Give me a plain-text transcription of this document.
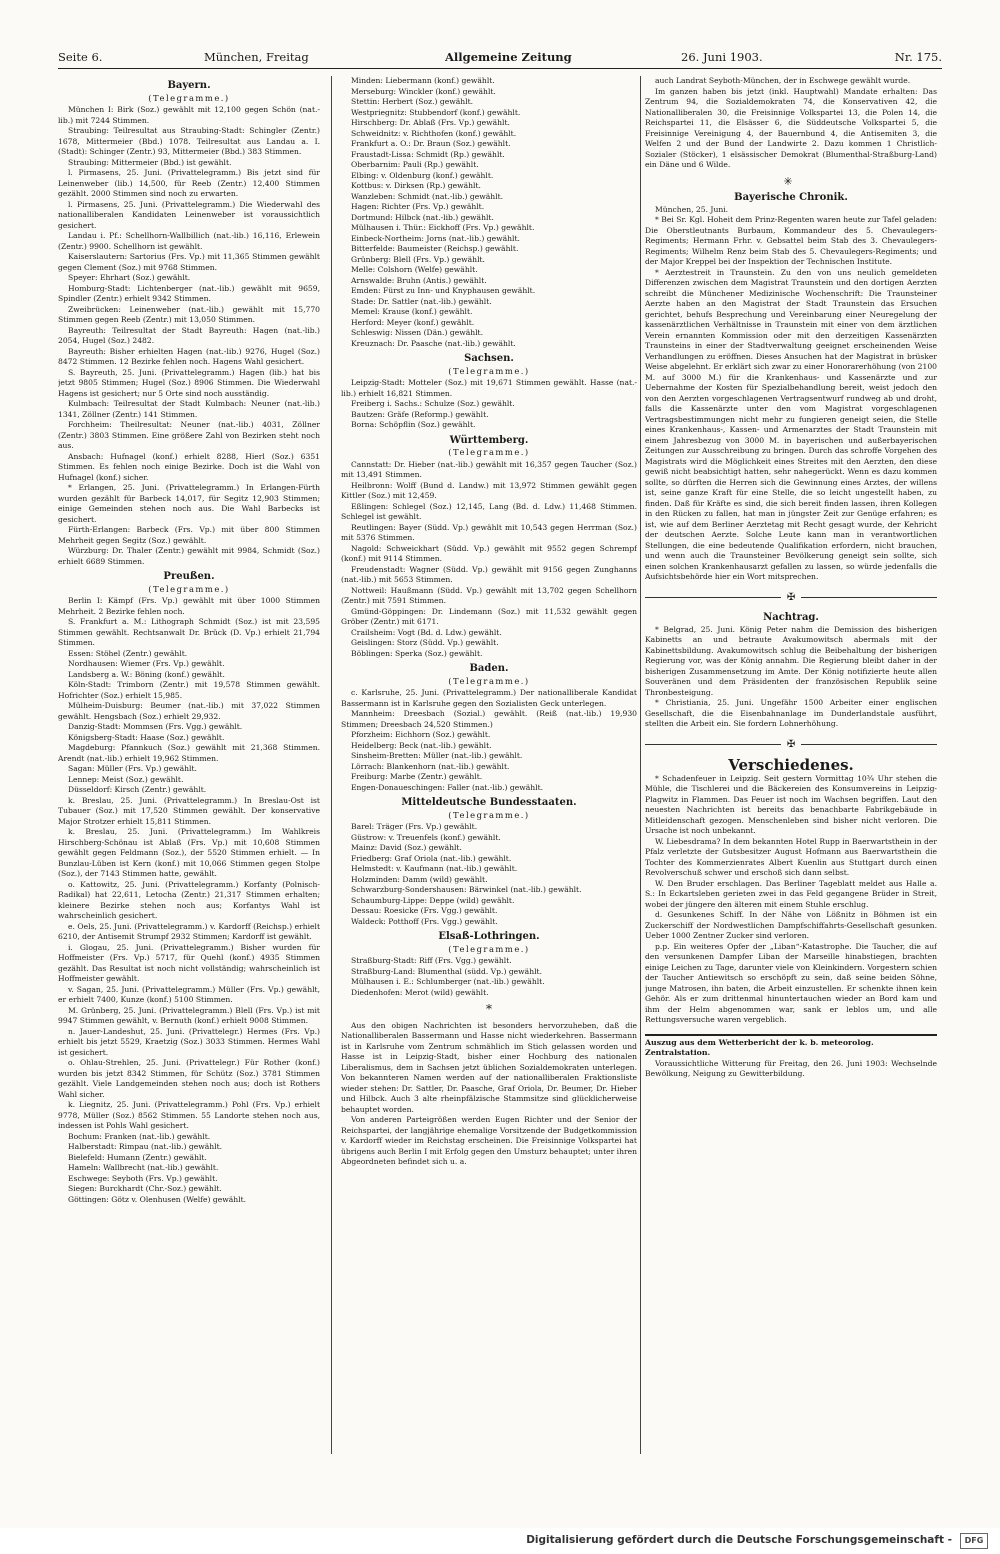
Seite 6.	München, Freitag	Allgemeine Zeitung	26. Juni 1903.	Nr. 175.
Bayern.
(Telegramme.)
München I: Birk (Soz.) gewählt mit 12,100 gegen Schön (nat.-lib.) mit 7244 Stimmen.
Straubing: Teilresultat aus Straubing-Stadt: Schingler (Zentr.) 1678, Mittermeier (Bbd.) 1078. Teilresultat aus Landau a. I. (Stadt): Schinger (Zentr.) 93, Mittermeier (Bbd.) 383 Stimmen.
Straubing: Mittermeier (Bbd.) ist gewählt.
l. Pirmasens, 25. Juni. (Privattelegramm.) Bis jetzt sind für Leinenweber (lib.) 14,500, für Reeb (Zentr.) 12,400 Stimmen gezählt. 2000 Stimmen sind noch zu erwarten.
l. Pirmasens, 25. Juni. (Privattelegramm.) Die Wiederwahl des nationalliberalen Kandidaten Leinenweber ist voraussichtlich gesichert.
Landau i. Pf.: Schellhorn-Wallbillich (nat.-lib.) 16,116, Erlewein (Zentr.) 9900. Schellhorn ist gewählt.
Kaiserslautern: Sartorius (Frs. Vp.) mit 11,365 Stimmen gewählt gegen Clement (Soz.) mit 9768 Stimmen.
Speyer: Ehrhart (Soz.) gewählt.
Homburg-Stadt: Lichtenberger (nat.-lib.) gewählt mit 9659, Spindler (Zentr.) erhielt 9342 Stimmen.
Zweibrücken: Leinenweber (nat.-lib.) gewählt mit 15,770 Stimmen gegen Reeb (Zentr.) mit 13,050 Stimmen.
Bayreuth: Teilresultat der Stadt Bayreuth: Hagen (nat.-lib.) 2054, Hugel (Soz.) 2482.
Bayreuth: Bisher erhielten Hagen (nat.-lib.) 9276, Hugel (Soz.) 8472 Stimmen. 12 Bezirke fehlen noch. Hagens Wahl gesichert.
S. Bayreuth, 25. Juni. (Privattelegramm.) Hagen (lib.) hat bis jetzt 9805 Stimmen; Hugel (Soz.) 8906 Stimmen. Die Wiederwahl Hagens ist gesichert; nur 5 Orte sind noch ausständig.
Kulmbach: Teilresultat der Stadt Kulmbach: Neuner (nat.-lib.) 1341, Zöllner (Zentr.) 141 Stimmen.
Forchheim: Theilresultat: Neuner (nat.-lib.) 4031, Zöllner (Zentr.) 3803 Stimmen. Eine größere Zahl von Bezirken steht noch aus.
Ansbach: Hufnagel (konf.) erhielt 8288, Hierl (Soz.) 6351 Stimmen. Es fehlen noch einige Bezirke. Doch ist die Wahl von Hufnagel (konf.) sicher.
* Erlangen, 25. Juni. (Privattelegramm.) In Erlangen-Fürth wurden gezählt für Barbeck 14,017, für Segitz 12,903 Stimmen; einige Gemeinden stehen noch aus. Die Wahl Barbecks ist gesichert.
Fürth-Erlangen: Barbeck (Frs. Vp.) mit über 800 Stimmen Mehrheit gegen Segitz (Soz.) gewählt.
Würzburg: Dr. Thaler (Zentr.) gewählt mit 9984, Schmidt (Soz.) erhielt 6689 Stimmen.
Preußen.
(Telegramme.)
Berlin I: Kämpf (Frs. Vp.) gewählt mit über 1000 Stimmen Mehrheit. 2 Bezirke fehlen noch.
S. Frankfurt a. M.: Lithograph Schmidt (Soz.) ist mit 23,595 Stimmen gewählt. Rechtsanwalt Dr. Brück (D. Vp.) erhielt 21,794 Stimmen.
Essen: Stöhel (Zentr.) gewählt.
Nordhausen: Wiemer (Frs. Vp.) gewählt.
Landsberg a. W.: Böning (konf.) gewählt.
Köln-Stadt: Trimborn (Zentr.) mit 19,578 Stimmen gewählt. Hofrichter (Soz.) erhielt 15,985.
Mülheim-Duisburg: Beumer (nat.-lib.) mit 37,022 Stimmen gewählt. Hengsbach (Soz.) erhielt 29,932.
Danzig-Stadt: Mommsen (Frs. Vgg.) gewählt.
Königsberg-Stadt: Haase (Soz.) gewählt.
Magdeburg: Pfannkuch (Soz.) gewählt mit 21,368 Stimmen. Arendt (nat.-lib.) erhielt 19,962 Stimmen.
Sagan: Müller (Frs. Vp.) gewählt.
Lennep: Meist (Soz.) gewählt.
Düsseldorf: Kirsch (Zentr.) gewählt.
k. Breslau, 25. Juni. (Privattelegramm.) In Breslau-Ost ist Tubauer (Soz.) mit 17,520 Stimmen gewählt. Der konservative Major Strotzer erhielt 15,811 Stimmen.
k. Breslau, 25. Juni. (Privattelegramm.) Im Wahlkreis Hirschberg-Schönau ist Ablaß (Frs. Vp.) mit 10,608 Stimmen gewählt gegen Feldmann (Soz.), der 5520 Stimmen erhielt. — In Bunzlau-Lüben ist Kern (konf.) mit 10,066 Stimmen gegen Stolpe (Soz.), der 7143 Stimmen hatte, gewählt.
o. Kattowitz, 25. Juni. (Privattelegramm.) Korfanty (Polnisch-Radikal) hat 22,611, Letocha (Zentr.) 21,317 Stimmen erhalten; kleinere Bezirke stehen noch aus; Korfantys Wahl ist wahrscheinlich gesichert.
e. Oels, 25. Juni. (Privattelegramm.) v. Kardorff (Reichsp.) erhielt 6210, der Antisemit Strumpf 2932 Stimmen; Kardorff ist gewählt.
i. Glogau, 25. Juni. (Privattelegramm.) Bisher wurden für Hoffmeister (Frs. Vp.) 5717, für Quehl (konf.) 4935 Stimmen gezählt. Das Resultat ist noch nicht vollständig; wahrscheinlich ist Hoffmeister gewählt.
v. Sagan, 25. Juni. (Privattelegramm.) Müller (Frs. Vp.) gewählt, er erhielt 7400, Kunze (konf.) 5100 Stimmen.
M. Grünberg, 25. Juni. (Privattelegramm.) Blell (Frs. Vp.) ist mit 9947 Stimmen gewählt, v. Bernuth (konf.) erhielt 9008 Stimmen.
n. Jauer-Landeshut, 25. Juni. (Privattelegr.) Hermes (Frs. Vp.) erhielt bis jetzt 5529, Kraetzig (Soz.) 3033 Stimmen. Hermes Wahl ist gesichert.
o. Ohlau-Strehlen, 25. Juni. (Privattelegr.) Für Rother (konf.) wurden bis jetzt 8342 Stimmen, für Schütz (Soz.) 3781 Stimmen gezählt. Viele Landgemeinden stehen noch aus; doch ist Rothers Wahl sicher.
k. Liegnitz, 25. Juni. (Privattelegramm.) Pohl (Frs. Vp.) erhielt 9778, Müller (Soz.) 8562 Stimmen. 55 Landorte stehen noch aus, indessen ist Pohls Wahl gesichert.
Bochum: Franken (nat.-lib.) gewählt.
Halberstadt: Rimpau (nat.-lib.) gewählt.
Bielefeld: Humann (Zentr.) gewählt.
Hameln: Wallbrecht (nat.-lib.) gewählt.
Eschwege: Seyboth (Frs. Vp.) gewählt.
Siegen: Burckhardt (Chr.-Soz.) gewählt.
Göttingen: Götz v. Olenhusen (Welfe) gewählt.
Minden: Liebermann (konf.) gewählt.
Merseburg: Winckler (konf.) gewählt.
Stettin: Herbert (Soz.) gewählt.
Westpriegnitz: Stubbendorf (konf.) gewählt.
Hirschberg: Dr. Ablaß (Frs. Vp.) gewählt.
Schweidnitz: v. Richthofen (konf.) gewählt.
Frankfurt a. O.: Dr. Braun (Soz.) gewählt.
Fraustadt-Lissa: Schmidt (Rp.) gewählt.
Oberbarnim: Pauli (Rp.) gewählt.
Elbing: v. Oldenburg (konf.) gewählt.
Kottbus: v. Dirksen (Rp.) gewählt.
Wanzleben: Schmidt (nat.-lib.) gewählt.
Hagen: Richter (Frs. Vp.) gewählt.
Dortmund: Hilbck (nat.-lib.) gewählt.
Mülhausen i. Thür.: Eickhoff (Frs. Vp.) gewählt.
Einbeck-Northeim: Jorns (nat.-lib.) gewählt.
Bitterfelde: Baumeister (Reichsp.) gewählt.
Grünberg: Blell (Frs. Vp.) gewählt.
Melle: Colshorn (Welfe) gewählt.
Arnswalde: Bruhn (Antis.) gewählt.
Emden: Fürst zu Inn- und Knyphausen gewählt.
Stade: Dr. Sattler (nat.-lib.) gewählt.
Memel: Krause (konf.) gewählt.
Herford: Meyer (konf.) gewählt.
Schleswig: Nissen (Dän.) gewählt.
Kreuznach: Dr. Paasche (nat.-lib.) gewählt.
Sachsen.
(Telegramme.)
Leipzig-Stadt: Motteler (Soz.) mit 19,671 Stimmen gewählt. Hasse (nat.-lib.) erhielt 16,821 Stimmen.
Freiberg i. Sachs.: Schulze (Soz.) gewählt.
Bautzen: Gräfe (Reformp.) gewählt.
Borna: Schöpflin (Soz.) gewählt.
Württemberg.
(Telegramme.)
Cannstatt: Dr. Hieber (nat.-lib.) gewählt mit 16,357 gegen Taucher (Soz.) mit 13,491 Stimmen.
Heilbronn: Wolff (Bund d. Landw.) mit 13,972 Stimmen gewählt gegen Kittler (Soz.) mit 12,459.
Eßlingen: Schlegel (Soz.) 12,145, Lang (Bd. d. Ldw.) 11,468 Stimmen. Schlegel ist gewählt.
Reutlingen: Bayer (Südd. Vp.) gewählt mit 10,543 gegen Herrman (Soz.) mit 5376 Stimmen.
Nagold: Schweickhart (Südd. Vp.) gewählt mit 9552 gegen Schrempf (konf.) mit 9114 Stimmen.
Freudenstadt: Wagner (Südd. Vp.) gewählt mit 9156 gegen Zunghanns (nat.-lib.) mit 5653 Stimmen.
Nottweil: Haußmann (Südd. Vp.) gewählt mit 13,702 gegen Schellhorn (Zentr.) mit 7591 Stimmen.
Gmünd-Göppingen: Dr. Lindemann (Soz.) mit 11,532 gewählt gegen Gröber (Zentr.) mit 6171.
Crailsheim: Vogt (Bd. d. Ldw.) gewählt.
Geislingen: Storz (Südd. Vp.) gewählt.
Böblingen: Sperka (Soz.) gewählt.
Baden.
(Telegramme.)
c. Karlsruhe, 25. Juni. (Privattelegramm.) Der nationalliberale Kandidat Bassermann ist in Karlsruhe gegen den Sozialisten Geck unterlegen.
Mannheim: Dreesbach (Sozial.) gewählt. (Reiß (nat.-lib.) 19,930 Stimmen; Dreesbach 24,520 Stimmen.)
Pforzheim: Eichhorn (Soz.) gewählt.
Heidelberg: Beck (nat.-lib.) gewählt.
Sinsheim-Bretten: Müller (nat.-lib.) gewählt.
Lörrach: Blankenhorn (nat.-lib.) gewählt.
Freiburg: Marbe (Zentr.) gewählt.
Engen-Donaueschingen: Faller (nat.-lib.) gewählt.
Mitteldeutsche Bundesstaaten.
(Telegramme.)
Barel: Träger (Frs. Vp.) gewählt.
Güstrow: v. Treuenfels (konf.) gewählt.
Mainz: David (Soz.) gewählt.
Friedberg: Graf Oriola (nat.-lib.) gewählt.
Helmstedt: v. Kaufmann (nat.-lib.) gewählt.
Holzminden: Damm (wild) gewählt.
Schwarzburg-Sondershausen: Bärwinkel (nat.-lib.) gewählt.
Schaumburg-Lippe: Deppe (wild) gewählt.
Dessau: Roesicke (Frs. Vgg.) gewählt.
Waldeck: Potthoff (Frs. Vgg.) gewählt.
Elsaß-Lothringen.
(Telegramme.)
Straßburg-Stadt: Riff (Frs. Vgg.) gewählt.
Straßburg-Land: Blumenthal (südd. Vp.) gewählt.
Mülhausen i. E.: Schlumberger (nat.-lib.) gewählt.
Diedenhofen: Merot (wild) gewählt.
*
Aus den obigen Nachrichten ist besonders hervorzuheben, daß die Nationalliberalen Bassermann und Hasse nicht wiederkehren. Bassermann ist in Karlsruhe vom Zentrum schmählich im Stich gelassen worden und Hasse ist in Leipzig-Stadt, bisher einer Hochburg des nationalen Liberalismus, dem in Sachsen jetzt üblichen Sozialdemokraten unterlegen. Von bekannteren Namen werden auf der nationalliberalen Fraktionsliste wieder stehen: Dr. Sattler, Dr. Paasche, Graf Oriola, Dr. Beumer, Dr. Hieber und Hilbck. Auch 3 alte rheinpfälzische Stammsitze sind glücklicherweise behauptet worden.
Von anderen Parteigrößen werden Eugen Richter und der Senior der Reichspartei, der langjährige ehemalige Vorsitzende der Budgetkommission v. Kardorff wieder im Reichstag erscheinen. Die Freisinnige Volkspartei hat übrigens auch Berlin I mit Erfolg gegen den Umsturz behauptet; unter ihren Abgeordneten befindet sich u. a.
auch Landrat Seyboth-München, der in Eschwege gewählt wurde.
Im ganzen haben bis jetzt (inkl. Hauptwahl) Mandate erhalten: Das Zentrum 94, die Sozialdemokraten 74, die Konservativen 42, die Nationalliberalen 30, die Freisinnige Volkspartei 13, die Polen 14, die Reichspartei 11, die Elsässer 6, die Süddeutsche Volkspartei 5, die Freisinnige Vereinigung 4, der Bauernbund 4, die Antisemiten 3, die Welfen 2 und der Bund der Landwirte 2. Dazu kommen 1 Christlich-Sozialer (Stöcker), 1 elsässischer Demokrat (Blumenthal-Straßburg-Land) ein Däne und 6 Wilde.
✳
Bayerische Chronik.
München, 25. Juni.
* Bei Sr. Kgl. Hoheit dem Prinz-Regenten waren heute zur Tafel geladen: Die Oberstleutnants Burbaum, Kommandeur des 5. Chevaulegers-Regiments; Hermann Frhr. v. Gebsattel beim Stab des 3. Chevaulegers-Regiments; Wilhelm Renz beim Stab des 5. Chevaulegers-Regiments; und der Major Kreppel bei der Inspektion der Technischen Institute.
* Aerztestreit in Traunstein. Zu den von uns neulich gemeldeten Differenzen zwischen dem Magistrat Traunstein und den dortigen Aerzten schreibt die Münchener Medizinische Wochenschrift: Die Traunsteiner Aerzte haben an den Magistrat der Stadt Traunstein das Ersuchen gerichtet, behufs Besprechung und Vereinbarung einer Neuregelung der kassenärztlichen Verhältnisse in Traunstein mit einer von dem ärztlichen Verein ernannten Kommission oder mit den derzeitigen Kassenärzten Traunsteins in einer der Stadtverwaltung geeignet erscheinenden Weise Verhandlungen zu eröffnen. Dieses Ansuchen hat der Magistrat in brüsker Weise abgelehnt. Er erklärt sich zwar zu einer Honorarerhöhung (von 2100 M. auf 3000 M.) für die Krankenhaus- und Kassenärzte und zur Uebernahme der Kosten für Spezialbehandlung bereit, weist jedoch den von den Aerzten vorgeschlagenen Vertragsentwurf rundweg ab und droht, falls die Kassenärzte unter den vom Magistrat vorgeschlagenen Vertragsbestimmungen nicht mehr zu fungieren geneigt seien, die Stelle eines Krankenhaus-, Kassen- und Armenarztes der Stadt Traunstein mit einem Jahresbezug von 3000 M. in bayerischen und außerbayerischen Zeitungen zur Ausschreibung zu bringen. Durch das schroffe Vorgehen des Magistrats wird die Möglichkeit eines Streites mit den Aerzten, den diese gewiß nicht beabsichtigt hatten, sehr nahegerückt. Wenn es dazu kommen sollte, so dürften die Herren sich die Gewinnung eines Arztes, der willens ist, seine ganze Kraft für eine Stelle, die so leicht ungestellt haben, zu finden. Daß für Kräfte es sind, die sich bereit finden lassen, ihren Kollegen in den Rücken zu fallen, hat man in jüngster Zeit zur Genüge erfahren; es ist, wie auf dem Berliner Aerztetag mit Recht gesagt wurde, der Kehricht der deutschen Aerzte. Solche Leute kann man in verantwortlichen Stellungen, die eine bedeutende Qualifikation erfordern, nicht brauchen, und wenn auch die Traunsteiner Bevölkerung geneigt sein sollte, sich einen solchen Krankenhausarzt gefallen zu lassen, so würde jedenfalls die Aufsichtsbehörde hier ein Wort mitsprechen.
✠
Nachtrag.
* Belgrad, 25. Juni. König Peter nahm die Demission des bisherigen Kabinetts an und betraute Avakumowitsch abermals mit der Kabinettsbildung. Avakumowitsch schlug die Beibehaltung der bisherigen Regierung vor, was der König annahm. Die Regierung bleibt daher in der bisherigen Zusammensetzung im Amte. Der König notifizierte heute allen Souveränen und dem Präsidenten der französischen Republik seine Thronbesteigung.
* Christiania, 25. Juni. Ungefähr 1500 Arbeiter einer englischen Gesellschaft, die die Eisenbahnanlage im Dunderlandstale ausführt, stellten die Arbeit ein. Sie fordern Lohnerhöhung.
✠
Verschiedenes.
* Schadenfeuer in Leipzig. Seit gestern Vormittag 10¾ Uhr stehen die Mühle, die Tischlerei und die Bäckereien des Konsumvereins in Leipzig-Plagwitz in Flammen. Das Feuer ist noch im Wachsen begriffen. Laut den neuesten Nachrichten ist bereits das benachbarte Fabrikgebäude in Mitleidenschaft gezogen. Menschenleben sind bisher nicht verloren. Die Ursache ist noch unbekannt.
W. Liebesdrama? In dem bekannten Hotel Rupp in Baerwartsthein in der Pfalz verletzte der Gutsbesitzer August Hofmann aus Baerwartsthein die Tochter des Kommerzienrates Albert Kuenlin aus Stuttgart durch einen Revolverschuß schwer und erschoß sich dann selbst.
W. Den Bruder erschlagen. Das Berliner Tageblatt meldet aus Halle a. S.: In Eckartsleben gerieten zwei in das Feld gegangene Brüder in Streit, wobei der jüngere den älteren mit einem Stuhle erschlug.
d. Gesunkenes Schiff. In der Nähe von Lößnitz in Böhmen ist ein Zuckerschiff der Nordwestlichen Dampfschiffahrts-Gesellschaft gesunken. Ueber 1000 Zentner Zucker sind verloren.
p.p. Ein weiteres Opfer der „Liban“-Katastrophe. Die Taucher, die auf den versunkenen Dampfer Liban der Marseille hinabstiegen, brachten einige Leichen zu Tage, darunter viele von Kleinkindern. Vorgestern schien der Taucher Antiewitsch so erschöpft zu sein, daß seine beiden Söhne, junge Matrosen, ihn baten, die Arbeit einzustellen. Er schenkte ihnen kein Gehör. Als er zum drittenmal hinuntertauchen wieder an Bord kam und ihm der Helm abgenommen war, sank er leblos um, und alle Rettungsversuche waren vergeblich.
Auszug aus dem Wetterbericht der k. b. meteorolog. Zentralstation.
Voraussichtliche Witterung für Freitag, den 26. Juni 1903: Wechselnde Bewölkung, Neigung zu Gewitterbildung.
Digitalisierung gefördert durch die Deutsche Forschungsgemeinschaft -	DFG
